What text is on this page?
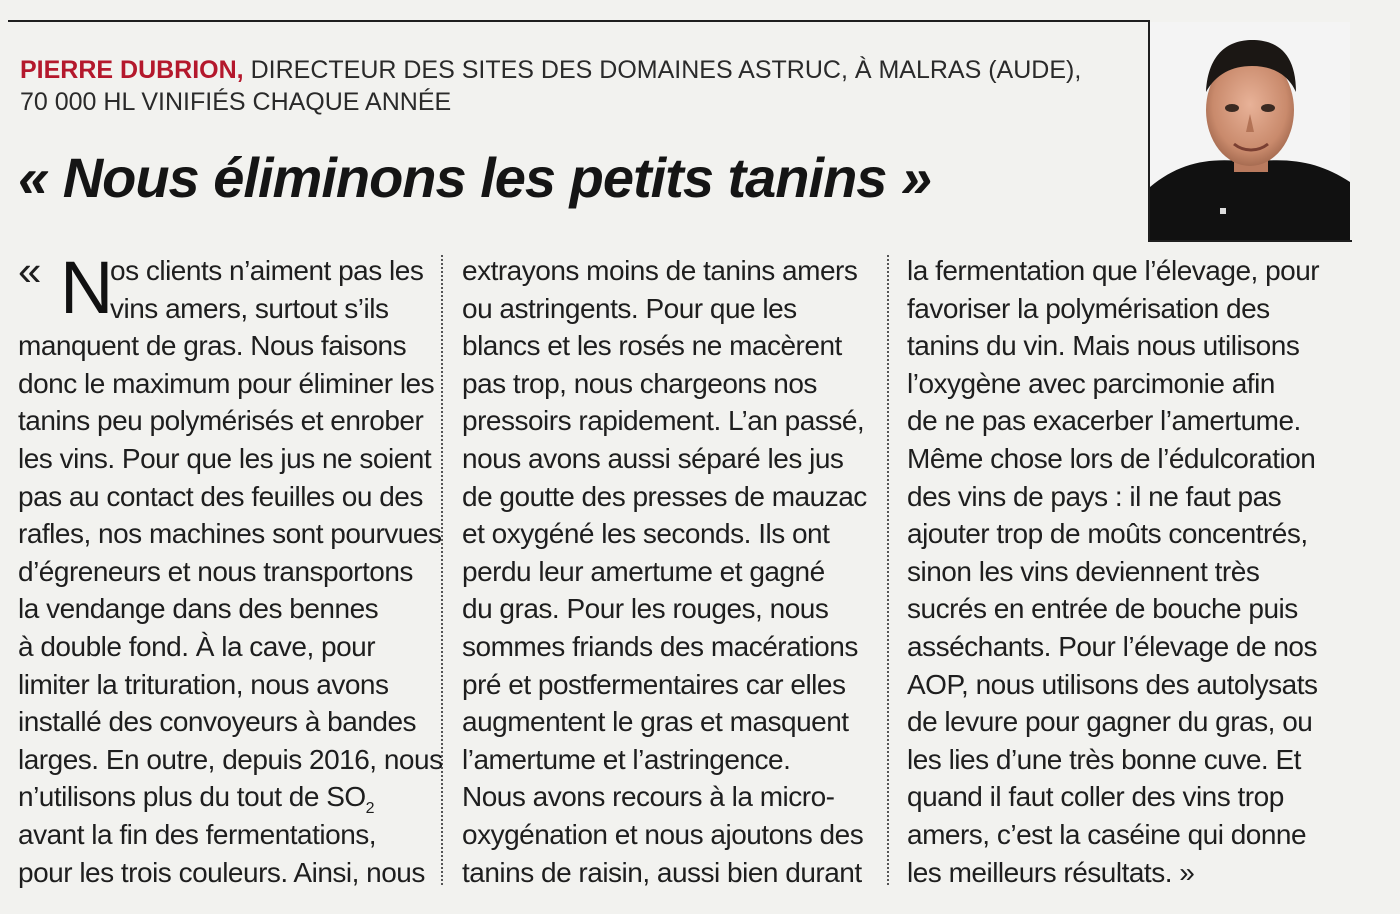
PIERRE DUBRION, DIRECTEUR DES SITES DES DOMAINES ASTRUC, À MALRAS (AUDE),
70 000 HL VINIFIÉS CHAQUE ANNÉE
« Nous éliminons les petits tanins »
« N
os clients n’aiment pas les
vins amers, surtout s’ils
manquent de gras. Nous faisons
donc le maximum pour éliminer les
tanins peu polymérisés et enrober
les vins. Pour que les jus ne soient
pas au contact des feuilles ou des
rafles, nos machines sont pourvues
d’égreneurs et nous transportons
la vendange dans des bennes
à double fond. À la cave, pour
limiter la trituration, nous avons
installé des convoyeurs à bandes
larges. En outre, depuis 2016, nous
n’utilisons plus du tout de $SO_2$
avant la fin des fermentations,
pour les trois couleurs. Ainsi, nous
extrayons moins de tanins amers
ou astringents. Pour que les
blancs et les rosés ne macèrent
pas trop, nous chargeons nos
pressoirs rapidement. L’an passé,
nous avons aussi séparé les jus
de goutte des presses de mauzac
et oxygéné les seconds. Ils ont
perdu leur amertume et gagné
du gras. Pour les rouges, nous
sommes friands des macérations
pré et postfermentaires car elles
augmentent le gras et masquent
l’amertume et l’astringence.
Nous avons recours à la micro-
oxygénation et nous ajoutons des
tanins de raisin, aussi bien durant
la fermentation que l’élevage, pour
favoriser la polymérisation des
tanins du vin. Mais nous utilisons
l’oxygène avec parcimonie afin
de ne pas exacerber l’amertume.
Même chose lors de l’édulcoration
des vins de pays : il ne faut pas
ajouter trop de moûts concentrés,
sinon les vins deviennent très
sucrés en entrée de bouche puis
asséchants. Pour l’élevage de nos
AOP, nous utilisons des autolysats
de levure pour gagner du gras, ou
les lies d’une très bonne cuve. Et
quand il faut coller des vins trop
amers, c’est la caséine qui donne
les meilleurs résultats. »
